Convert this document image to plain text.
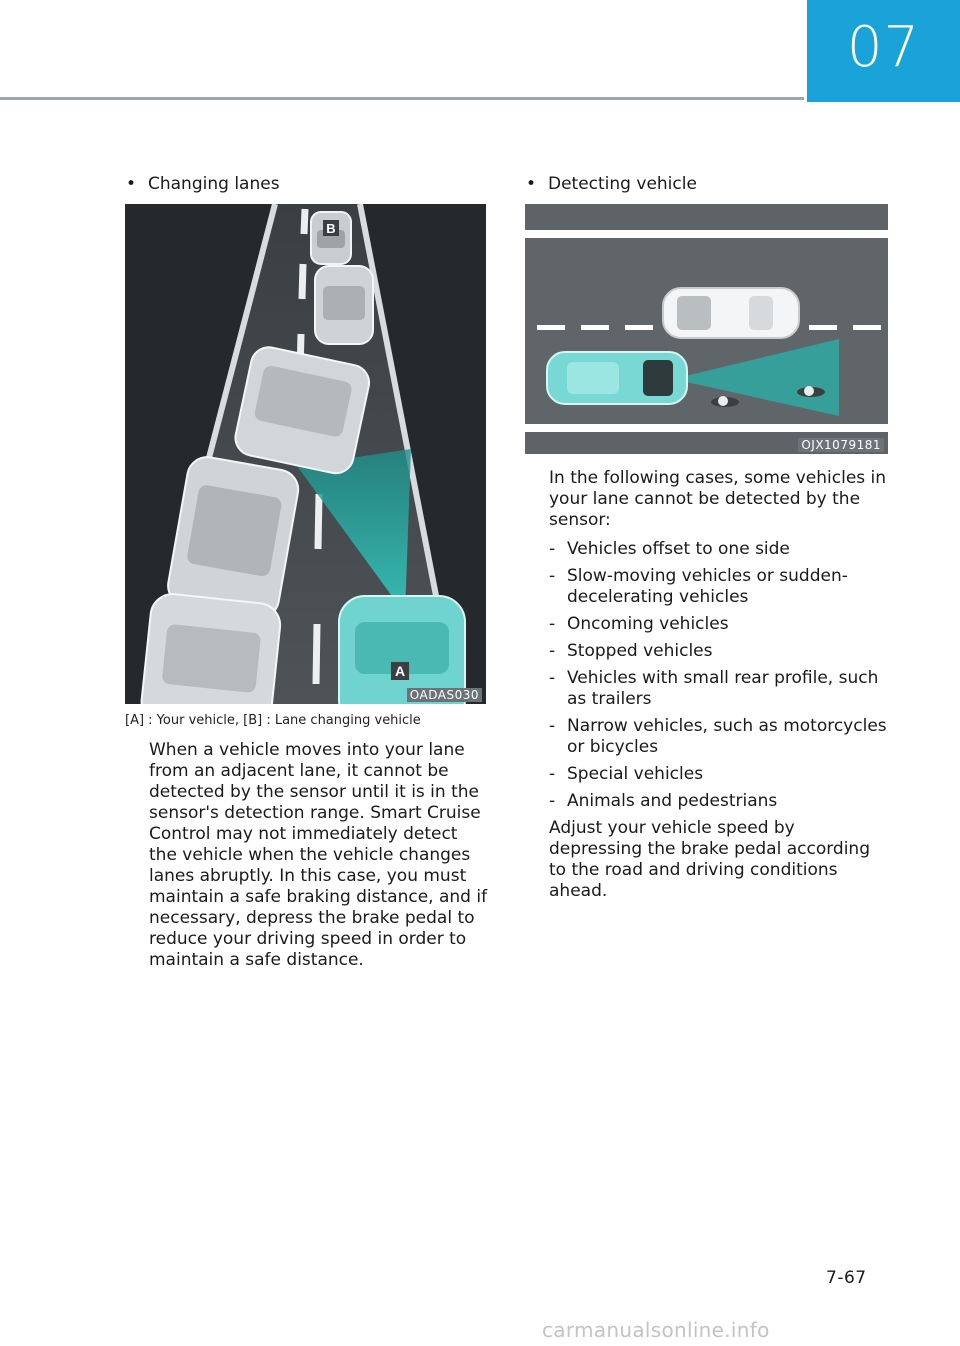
07
• Changing lanes
B
A
OADAS030

[A] : Your vehicle, [B] : Lane changing vehicle

When a vehicle moves into your lane from an adjacent lane, it cannot be detected by the sensor until it is in the sensor's detection range. Smart Cruise Control may not immediately detect the vehicle when the vehicle changes lanes abruptly. In this case, you must maintain a safe braking distance, and if necessary, depress the brake pedal to reduce your driving speed in order to maintain a safe distance.

• Detecting vehicle
OJX1079181

In the following cases, some vehicles in your lane cannot be detected by the sensor:

- Vehicles offset to one side
- Slow-moving vehicles or sudden-decelerating vehicles
- Oncoming vehicles
- Stopped vehicles
- Vehicles with small rear profile, such as trailers
- Narrow vehicles, such as motorcycles or bicycles
- Special vehicles
- Animals and pedestrians

Adjust your vehicle speed by depressing the brake pedal according to the road and driving conditions ahead.

7-67
carmanualsonline.info
